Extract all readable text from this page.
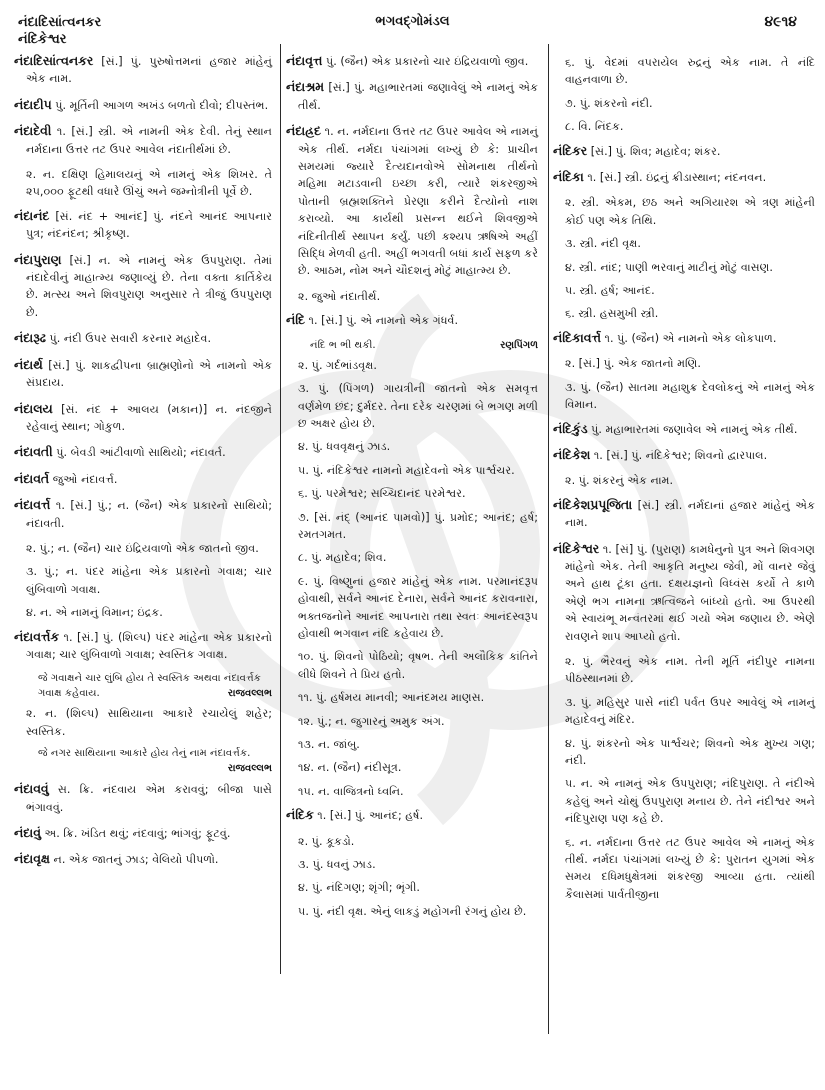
નંદાદિસાંત્વનકર
નંદિકેશ્વર
ભગવદ્ગોમંડલ	૪૯૧૪
નંદાદિસાંત્વનકર [સં.] પું. પુરુષોત્તમનાં હજાર માંહેનું એક નામ.
નંદાદીપ પું. મૂર્તિની આગળ અખંડ બળતો દીવો; દીપસ્તંભ.
નંદાદેવી ૧. [સં.] સ્ત્રી. એ નામની એક દેવી. તેનું સ્થાન નર્મદાના ઉત્તર તટ ઉપર આવેલ નંદાતીર્થમાં છે.
૨. ન. દક્ષિણ હિમાલયનું એ નામનું એક શિખર. તે ૨૫,૦૦૦ ફૂટથી વધારે ઊંચું અને જમ્નોત્રીની પૂર્વે છે.
નંદાનંદ [સં. નંદ + આનંદ] પું. નંદને આનંદ આપનાર પુત્ર; નંદનંદન; શ્રીકૃષ્ણ.
નંદાપુરાણ [સં.] ન. એ નામનું એક ઉપપુરાણ. તેમાં નંદાદેવીનું માહાત્મ્ય જણાવ્યું છે. તેના વક્તા કાર્તિકેય છે. મત્સ્ય અને શિવપુરાણ અનુસાર તે ત્રીજું ઉપપુરાણ છે.
નંદારૂઢ પું. નંદી ઉપર સવારી કરનાર મહાદેવ.
નંદાર્થ [સં.] પું. શાકદ્વીપના બ્રાહ્મણોનો એ નામનો એક સંપ્રદાય.
નંદાલય [સં. નંદ + આલય (મકાન)] ન. નંદજીને રહેવાનું સ્થાન; ગોકુળ.
નંદાવતી પું. બેવડી આંટીવાળો સાથિયો; નંદાવર્ત.
નંદાવર્ત જુઓ નંદાવર્ત્ત.
નંદાવર્ત્ત ૧. [સં.] પું.; ન. (જૈન) એક પ્રકારનો સાથિયો; નંદાવતી.
૨. પું.; ન. (જૈન) ચાર ઇંદ્રિયવાળો એક જાતનો જીવ.
૩. પું.; ન. પંદર માંહેના એક પ્રકારનો ગવાક્ષ; ચાર લુંબિવાળો ગવાક્ષ.
૪. ન. એ નામનું વિમાન; ઇંદ્રક.
નંદાવર્ત્તક ૧. [સં.] પું. (શિલ્પ) પંદર માંહેના એક પ્રકારનો ગવાક્ષ; ચાર લુંબિવાળો ગવાક્ષ; સ્વસ્તિક ગવાક્ષ.
જે ગવાક્ષને ચાર લુંબિ હોય તે સ્વસ્તિક અથવા નંદાવર્ત્તક ગવાક્ષ કહેવાય.	રાજવલ્લભ
૨. ન. (શિલ્પ) સાથિયાના આકારે રચાયેલું શહેર; સ્વસ્તિક.
જે નગર સાથિયાના આકારે હોય તેનું નામ નંદાવર્ત્તક.
રાજવલ્લભ
નંદાવવું સ. ક્રિ. નંદવાય એમ કરાવવું; બીજા પાસે ભંગાવવું.
નંદાવું અ. ક્રિ. ખંડિત થવું; નંદવાવું; ભાંગવું; ફૂટવું.
નંદાવૃક્ષ ન. એક જાતનું ઝાડ; વેલિયો પીપળો.
નંદાવૃત્ત પું. (જૈન) એક પ્રકારનો ચાર ઇંદ્રિયવાળો જીવ.
નંદાશ્રમ [સં.] પું. મહાભારતમાં જણાવેલું એ નામનું એક તીર્થ.
નંદાહ્રદ ૧. ન. નર્મદાના ઉત્તર તટ ઉપર આવેલ એ નામનું એક તીર્થ. નર્મદા પંચાંગમાં લખ્યું છે કે: પ્રાચીન સમયમાં જ્યારે દૈત્યદાનવોએ સોમનાથ તીર્થનો મહિમા મટાડવાની ઇચ્છા કરી, ત્યારે શંકરજીએ પોતાની બ્રહ્મશક્તિને પ્રેરણા કરીને દૈત્યોનો નાશ કરાવ્યો. આ કાર્યથી પ્રસન્ન થઈને શિવજીએ નંદિનીતીર્થ સ્થાપન કર્યું. પછી કશ્યપ ઋષિએ અહીં સિદ્ધિ મેળવી હતી. અહીં ભગવતી બધાં કાર્ય સફળ કરે છે. આઠમ, નોમ અને ચૌદશનું મોટું માહાત્મ્ય છે.
૨. જુઓ નંદાતીર્થ.
નંદિ ૧. [સં.] પું. એ નામનો એક ગંધર્વ.
નંદિ ભ ભી થકી.	રણપિંગળ
૨. પું. ગર્દભાંડવૃક્ષ.
૩. પું. (પિંગળ) ગાયત્રીની જાતનો એક સમવૃત્ત વર્ણમેળ છંદ; દુર્મદર. તેના દરેક ચરણમાં બે ભગણ મળી છ અક્ષર હોય છે.
૪. પું. ધવવૃક્ષનું ઝાડ.
૫. પું. નંદિકેશ્વર નામનો મહાદેવનો એક પાર્શ્વચર.
૬. પું. પરમેશ્વર; સચ્ચિદાનંદ પરમેશ્વર.
૭. [સં. નંદ્ (આનંદ પામવો)] પું. પ્રમોદ; આનંદ; હર્ષ; રમતગમત.
૮. પું. મહાદેવ; શિવ.
૯. પું. વિષ્ણુનાં હજાર માંહેનું એક નામ. પરમાનંદરૂપ હોવાથી, સર્વને આનંદ દેનારા, સર્વને આનંદ કરાવનારા, ભક્તજનોને આનંદ આપનારા તથા સ્વતઃ આનંદસ્વરૂપ હોવાથી ભગવાન નંદિ કહેવાય છે.
૧૦. પું. શિવનો પોઠિયો; વૃષભ. તેની અલૌકિક કાંતિને લીધે શિવને તે પ્રિય હતો.
૧૧. પું. હર્ષમય માનવી; આનંદમય માણસ.
૧૨. પું.; ન. જુગારનું અમુક અંગ.
૧૩. ન. જાંબુ.
૧૪. ન. (જૈન) નંદીસૂત્ર.
૧૫. ન. વાજિત્રનો ધ્વનિ.
નંદિક ૧. [સં.] પું. આનંદ; હર્ષ.
૨. પું. કૂકડો.
૩. પું. ધવનું ઝાડ.
૪. પું. નંદિગણ; શૃંગી; ભૃંગી.
૫. પું. નંદી વૃક્ષ. એનું લાકડું મહોગની રંગનું હોય છે.
૬. પું. વેદમાં વપરાયેલ રુદ્રનું એક નામ. તે નંદિ વાહનવાળા છે.
૭. પું. શંકરનો નંદી.
૮. વિ. નિંદક.
નંદિકર [સં.] પું. શિવ; મહાદેવ; શંકર.
નંદિકા ૧. [સં.] સ્ત્રી. ઇંદ્રનું ક્રીડાસ્થાન; નંદનવન.
૨. સ્ત્રી. એકમ, છઠ અને અગિયારશ એ ત્રણ માંહેની કોઈ પણ એક તિથિ.
૩. સ્ત્રી. નંદી વૃક્ષ.
૪. સ્ત્રી. નાંદ; પાણી ભરવાનું માટીનું મોટું વાસણ.
૫. સ્ત્રી. હર્ષ; આનંદ.
૬. સ્ત્રી. હસમુખી સ્ત્રી.
નંદિકાવર્ત્ત ૧. પું. (જૈન) એ નામનો એક લોકપાળ.
૨. [સં.] પું. એક જાતનો મણિ.
૩. પું. (જૈન) સાતમા મહાશુક્ર દેવલોકનું એ નામનું એક વિમાન.
નંદિકુંડ પું. મહાભારતમાં જણાવેલ એ નામનું એક તીર્થ.
નંદિકેશ ૧. [સં.] પું. નંદિકેશ્વર; શિવનો દ્વારપાલ.
૨. પું. શંકરનું એક નામ.
નંદિકેશપ્રપૂજિતા [સં.] સ્ત્રી. નર્મદાનાં હજાર માંહેનું એક નામ.
નંદિકેશ્વર ૧. [સં] પું. (પુરાણ) કામધેનુનો પુત્ર અને શિવગણ માંહેનો એક. તેની આકૃતિ મનુષ્ય જેવી, મોં વાનર જેવું અને હાથ ટૂંકા હતા. દક્ષયજ્ઞનો વિધ્વંસ કર્યો તે કાળે એણે ભગ નામના ઋત્વિજને બાંધ્યો હતો. આ ઉપરથી એ સ્વાયંભૂ મન્વંતરમાં થઈ ગયો એમ જણાય છે. એણે રાવણને શાપ આપ્યો હતો.
૨. પું. ભૈરવનું એક નામ. તેની મૂર્તિ નંદીપુર નામના પીઠસ્થાનમાં છે.
૩. પું. મહિસુર પાસે નાંદી પર્વત ઉપર આવેલું એ નામનું મહાદેવનું મંદિર.
૪. પું. શંકરનો એક પાર્શ્વચર; શિવનો એક મુખ્ય ગણ; નંદી.
૫. ન. એ નામનું એક ઉપપુરાણ; નંદિપુરાણ. તે નંદીએ કહેલું અને ચોથું ઉપપુરાણ મનાય છે. તેને નંદીશ્વર અને નંદિપુરાણ પણ કહે છે.
૬. ન. નર્મદાના ઉત્તર તટ ઉપર આવેલ એ નામનું એક તીર્થ. નર્મદા પંચાંગમાં લખ્યું છે કે: પુરાતન યુગમાં એક સમય દધિમધુક્ષેત્રમાં શંકરજી આવ્યા હતા. ત્યાંથી કૈલાસમાં પાર્વતીજીના
